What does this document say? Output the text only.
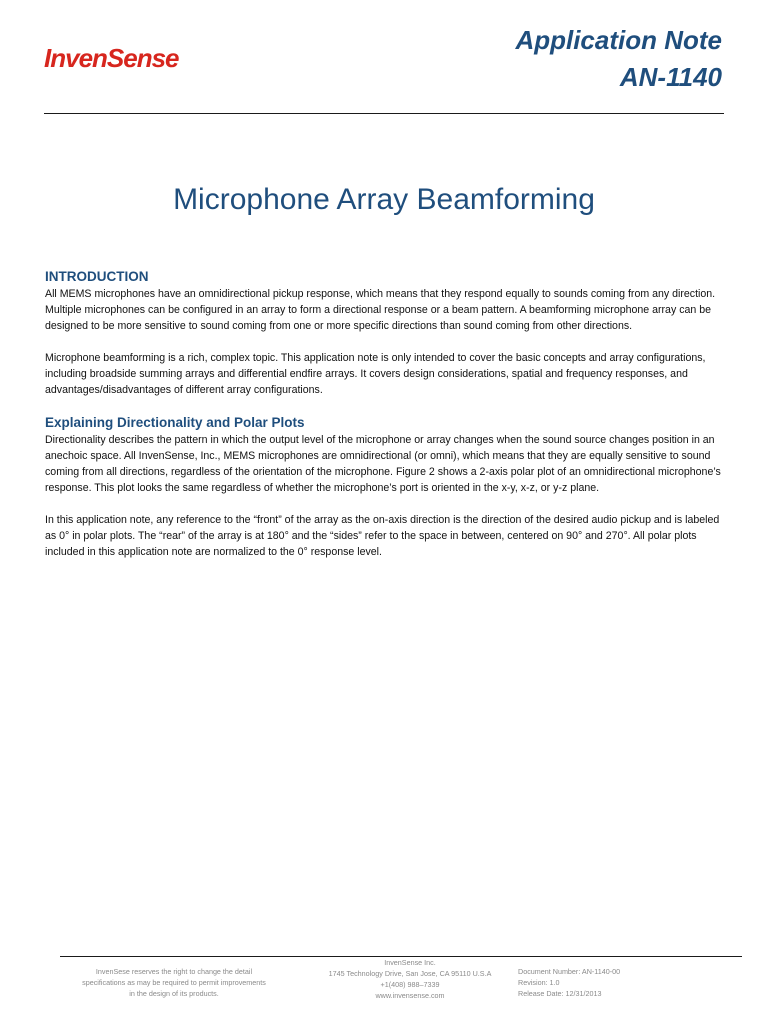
InvenSense
Application Note
AN-1140
Microphone Array Beamforming
INTRODUCTION

All MEMS microphones have an omnidirectional pickup response, which means that they respond equally to sounds coming from any direction. Multiple microphones can be configured in an array to form a directional response or a beam pattern. A beamforming microphone array can be designed to be more sensitive to sound coming from one or more specific directions than sound coming from other directions.

Microphone beamforming is a rich, complex topic. This application note is only intended to cover the basic concepts and array configurations, including broadside summing arrays and differential endfire arrays. It covers design considerations, spatial and frequency responses, and advantages/disadvantages of different array configurations.

Explaining Directionality and Polar Plots

Directionality describes the pattern in which the output level of the microphone or array changes when the sound source changes position in an anechoic space. All InvenSense, Inc., MEMS microphones are omnidirectional (or omni), which means that they are equally sensitive to sound coming from all directions, regardless of the orientation of the microphone. Figure 2 shows a 2-axis polar plot of an omnidirectional microphone’s response. This plot looks the same regardless of whether the microphone’s port is oriented in the x-y, x-z, or y-z plane.

In this application note, any reference to the “front” of the array as the on-axis direction is the direction of the desired audio pickup and is labeled as 0° in polar plots. The “rear” of the array is at 180° and the “sides” refer to the space in between, centered on 90° and 270°. All polar plots included in this application note are normalized to the 0° response level.

InvenSese reserves the right to change the detail
specifications as may be required to permit improvements
in the design of its products.
InvenSense Inc.
1745 Technology Drive, San Jose, CA 95110 U.S.A
+1(408) 988–7339
www.invensense.com
Document Number: AN-1140-00
Revision: 1.0
Release Date: 12/31/2013
